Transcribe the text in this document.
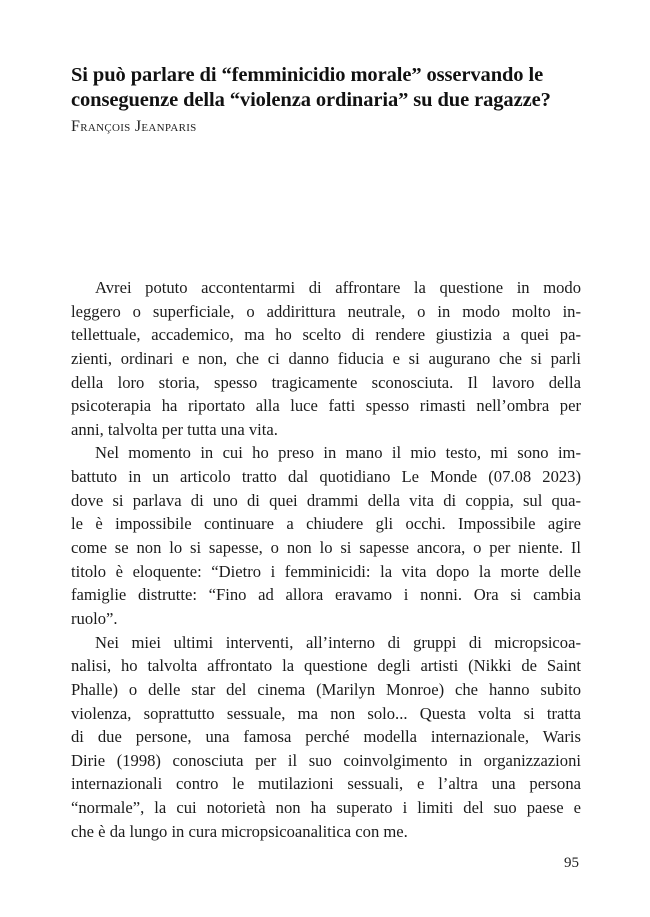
Si può parlare di “femminicidio morale” osservando le
conseguenze della “violenza ordinaria” su due ragazze?
François Jeanparis
Avrei potuto accontentarmi di affrontare la questione in modo
leggero o superficiale, o addirittura neutrale, o in modo molto in-
tellettuale, accademico, ma ho scelto di rendere giustizia a quei pa-
zienti, ordinari e non, che ci danno fiducia e si augurano che si parli
della loro storia, spesso tragicamente sconosciuta. Il lavoro della
psicoterapia ha riportato alla luce fatti spesso rimasti nell’ombra per
anni, talvolta per tutta una vita.
Nel momento in cui ho preso in mano il mio testo, mi sono im-
battuto in un articolo tratto dal quotidiano Le Monde (07.08 2023)
dove si parlava di uno di quei drammi della vita di coppia, sul qua-
le è impossibile continuare a chiudere gli occhi. Impossibile agire
come se non lo si sapesse, o non lo si sapesse ancora, o per niente. Il
titolo è eloquente: “Dietro i femminicidi: la vita dopo la morte delle
famiglie distrutte: “Fino ad allora eravamo i nonni. Ora si cambia
ruolo”.
Nei miei ultimi interventi, all’interno di gruppi di micropsicoa-
nalisi, ho talvolta affrontato la questione degli artisti (Nikki de Saint
Phalle) o delle star del cinema (Marilyn Monroe) che hanno subito
violenza, soprattutto sessuale, ma non solo... Questa volta si tratta
di due persone, una famosa perché modella internazionale, Waris
Dirie (1998) conosciuta per il suo coinvolgimento in organizzazioni
internazionali contro le mutilazioni sessuali, e l’altra una persona
“normale”, la cui notorietà non ha superato i limiti del suo paese e
che è da lungo in cura micropsicoanalitica con me.
95
